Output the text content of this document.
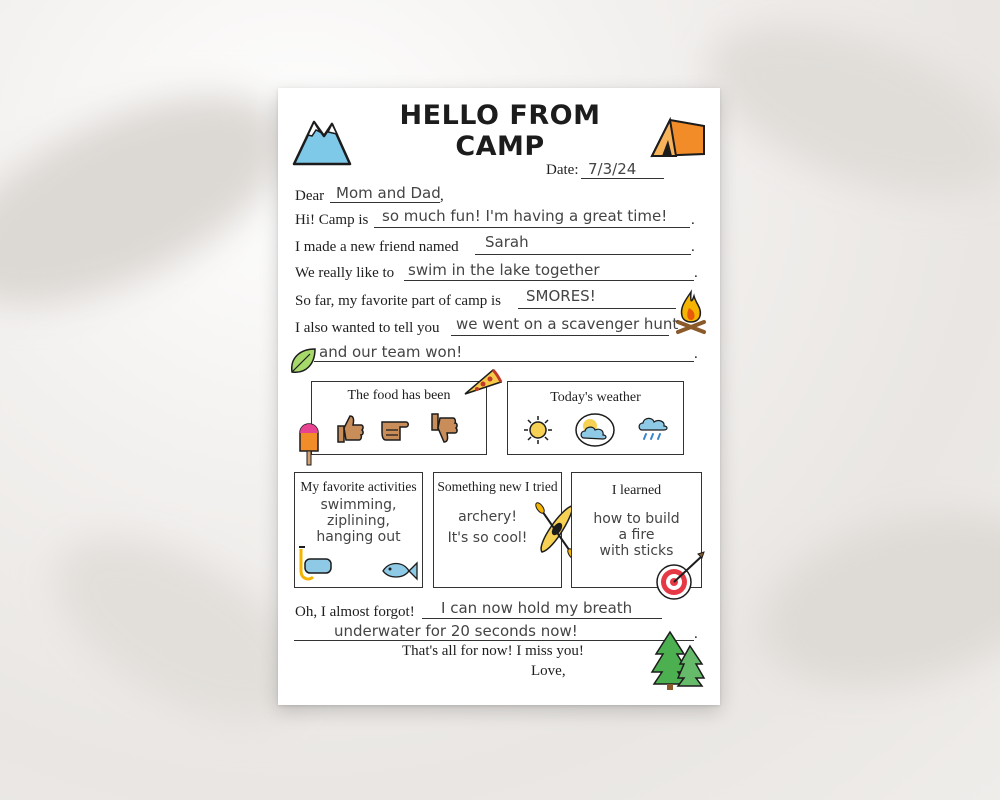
HELLO FROM CAMP
Date: 7/3/24
Dear Mom and Dad ,
Hi! Camp is so much fun! I'm having a great time! .
I made a new friend named Sarah	.
We really like to swim in the lake together	.
So far, my favorite part of camp is SMORES!
I also wanted to tell you we went on a scavenger hunt
and our team won!	.
The food has been	Today's weather
My favorite activities
swimming,
ziplining,
hanging out
Something new I tried
archery!
It's so cool!
I learned
how to build
a fire
with sticks
Oh, I almost forgot! I can now hold my breath
underwater for 20 seconds now!	.
That's all for now! I miss you!
Love,
